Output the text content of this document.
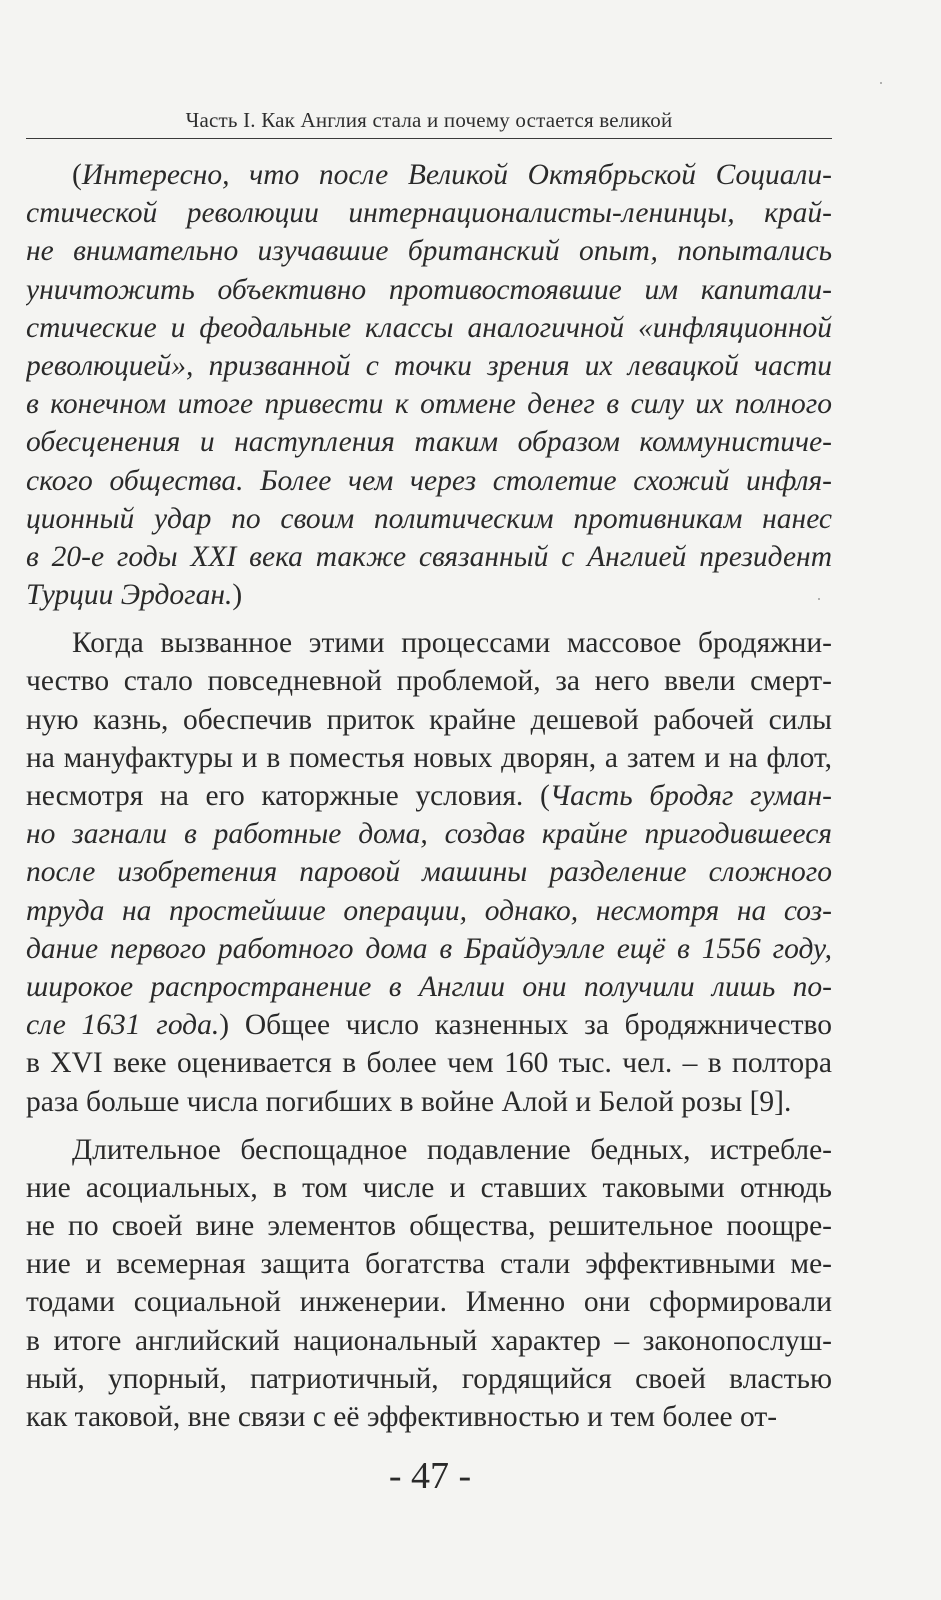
Часть I. Как Англия стала и почему остается великой
(Интересно, что после Великой Октябрьской Социали-
стической революции интернационалисты-ленинцы, край-
не внимательно изучавшие британский опыт, попытались
уничтожить объективно противостоявшие им капитали-
стические и феодальные классы аналогичной «инфляционной
революцией», призванной с точки зрения их левацкой части
в конечном итоге привести к отмене денег в силу их полного
обесценения и наступления таким образом коммунистиче-
ского общества. Более чем через столетие схожий инфля-
ционный удар по своим политическим противникам нанес
в 20-е годы XXI века также связанный с Англией президент
Турции Эрдоган.)
Когда вызванное этими процессами массовое бродяжни-
чество стало повседневной проблемой, за него ввели смерт-
ную казнь, обеспечив приток крайне дешевой рабочей силы
на мануфактуры и в поместья новых дворян, а затем и на флот,
несмотря на его каторжные условия. (Часть бродяг гуман-
но загнали в работные дома, создав крайне пригодившееся
после изобретения паровой машины разделение сложного
труда на простейшие операции, однако, несмотря на соз-
дание первого работного дома в Брайдуэлле ещё в 1556 году,
широкое распространение в Англии они получили лишь по-
сле 1631 года.) Общее число казненных за бродяжничество
в XVI веке оценивается в более чем 160 тыс. чел. – в полтора
раза больше числа погибших в войне Алой и Белой розы [9].
Длительное беспощадное подавление бедных, истребле-
ние асоциальных, в том числе и ставших таковыми отнюдь
не по своей вине элементов общества, решительное поощре-
ние и всемерная защита богатства стали эффективными ме-
тодами социальной инженерии. Именно они сформировали
в итоге английский национальный характер – законопослуш-
ный, упорный, патриотичный, гордящийся своей властью
как таковой, вне связи с её эффективностью и тем более от-
- 47 -
